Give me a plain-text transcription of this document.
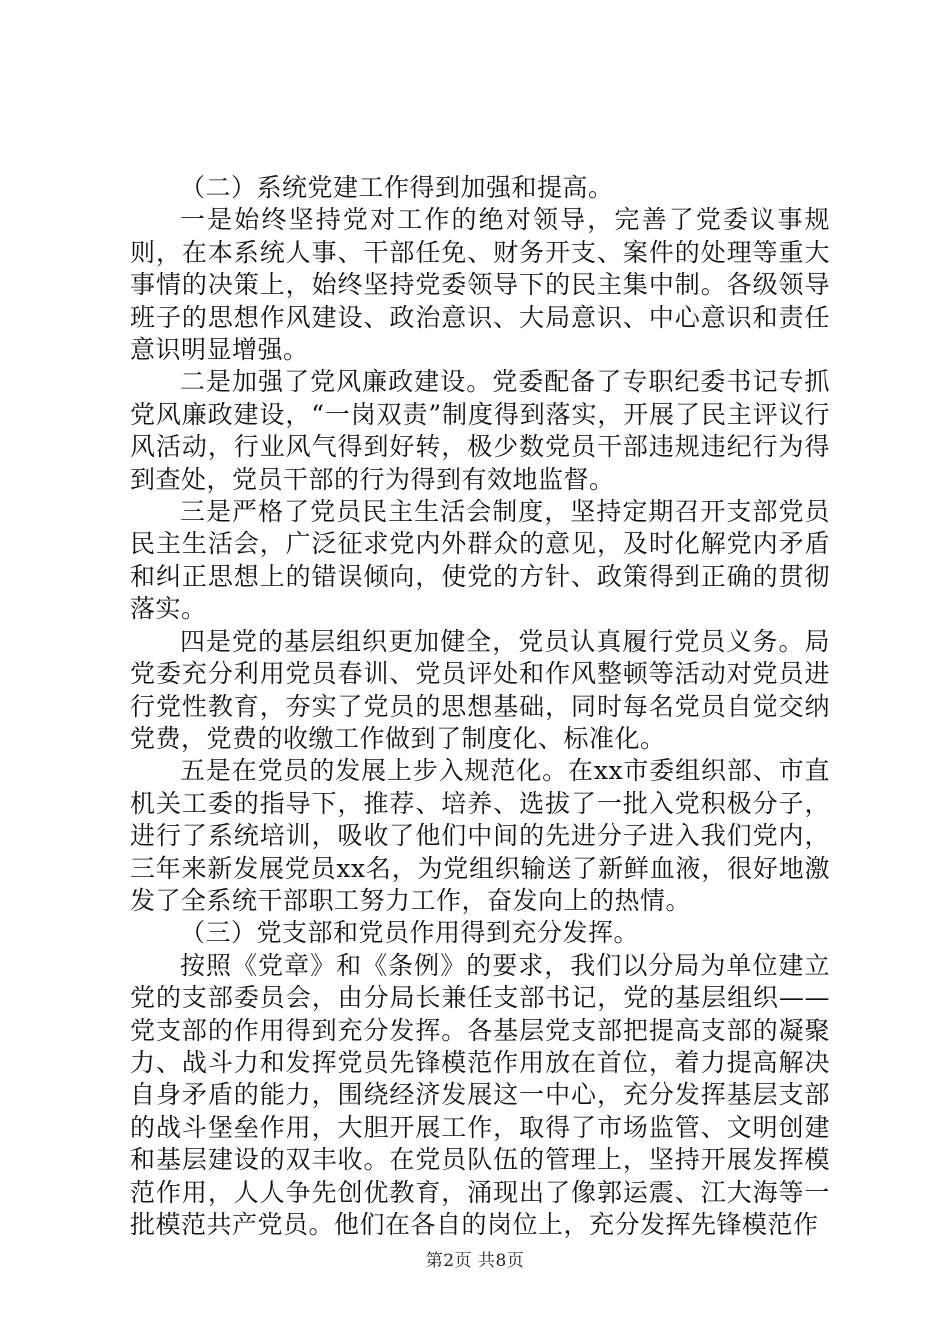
（二）系统党建工作得到加强和提高。

一是始终坚持党对工作的绝对领导，完善了党委议事规则，在本系统人事、干部任免、财务开支、案件的处理等重大事情的决策上，始终坚持党委领导下的民主集中制。各级领导班子的思想作风建设、政治意识、大局意识、中心意识和责任意识明显增强。

二是加强了党风廉政建设。党委配备了专职纪委书记专抓党风廉政建设，“一岗双责”制度得到落实，开展了民主评议行风活动，行业风气得到好转，极少数党员干部违规违纪行为得到查处，党员干部的行为得到有效地监督。

三是严格了党员民主生活会制度，坚持定期召开支部党员民主生活会，广泛征求党内外群众的意见，及时化解党内矛盾和纠正思想上的错误倾向，使党的方针、政策得到正确的贯彻落实。

四是党的基层组织更加健全，党员认真履行党员义务。局党委充分利用党员春训、党员评处和作风整顿等活动对党员进行党性教育，夯实了党员的思想基础，同时每名党员自觉交纳党费，党费的收缴工作做到了制度化、标准化。

五是在党员的发展上步入规范化。在xx市委组织部、市直机关工委的指导下，推荐、培养、选拔了一批入党积极分子，进行了系统培训，吸收了他们中间的先进分子进入我们党内，三年来新发展党员xx名，为党组织输送了新鲜血液，很好地激发了全系统干部职工努力工作，奋发向上的热情。

（三）党支部和党员作用得到充分发挥。

按照《党章》和《条例》的要求，我们以分局为单位建立党的支部委员会，由分局长兼任支部书记，党的基层组织——党支部的作用得到充分发挥。各基层党支部把提高支部的凝聚力、战斗力和发挥党员先锋模范作用放在首位，着力提高解决自身矛盾的能力，围绕经济发展这一中心，充分发挥基层支部的战斗堡垒作用，大胆开展工作，取得了市场监管、文明创建和基层建设的双丰收。在党员队伍的管理上，坚持开展发挥模范作用，人人争先创优教育，涌现出了像郭运震、江大海等一批模范共产党员。他们在各自的岗位上，充分发挥先锋模范作

第2页 共8页
